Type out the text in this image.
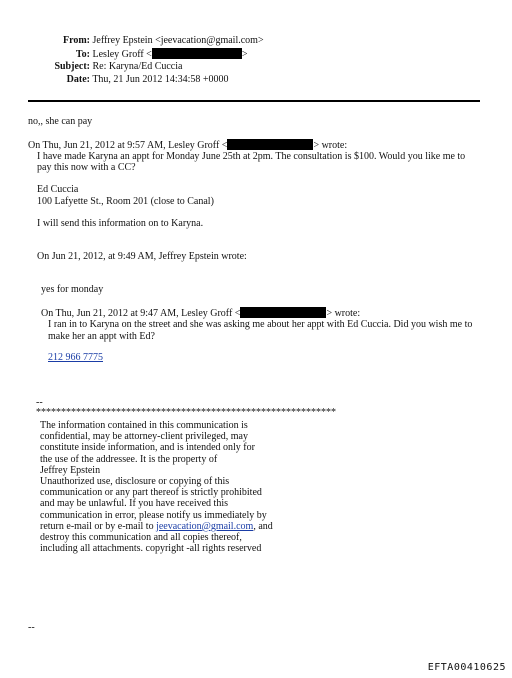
From: Jeffrey Epstein <jeevacation@gmail.com>
To: Lesley Groff <	>
Subject: Re: Karyna/Ed Cuccia
Date: Thu, 21 Jun 2012 14:34:58 +0000
no,, she can pay
On Thu, Jun 21, 2012 at 9:57 AM, Lesley Groff <	> wrote:
I have made Karyna an appt for Monday June 25th at 2pm. The consultation is $100. Would you like me to
pay this now with a CC?
Ed Cuccia
100 Lafyette St., Room 201 (close to Canal)
I will send this information on to Karyna.
On Jun 21, 2012, at 9:49 AM, Jeffrey Epstein wrote:
yes for monday
On Thu, Jun 21, 2012 at 9:47 AM, Lesley Groff <	> wrote:
I ran in to Karyna on the street and she was asking me about her appt with Ed Cuccia. Did you wish me to
make her an appt with Ed?
212 966 7775
--
************************************************************
The information contained in this communication is
confidential, may be attorney-client privileged, may
constitute inside information, and is intended only for
the use of the addressee. It is the property of
Jeffrey Epstein
Unauthorized use, disclosure or copying of this
communication or any part thereof is strictly prohibited
and may be unlawful. If you have received this
communication in error, please notify us immediately by
return e-mail or by e-mail to jeevacation@gmail.com, and
destroy this communication and all copies thereof,
including all attachments. copyright -all rights reserved
--
EFTA00410625
